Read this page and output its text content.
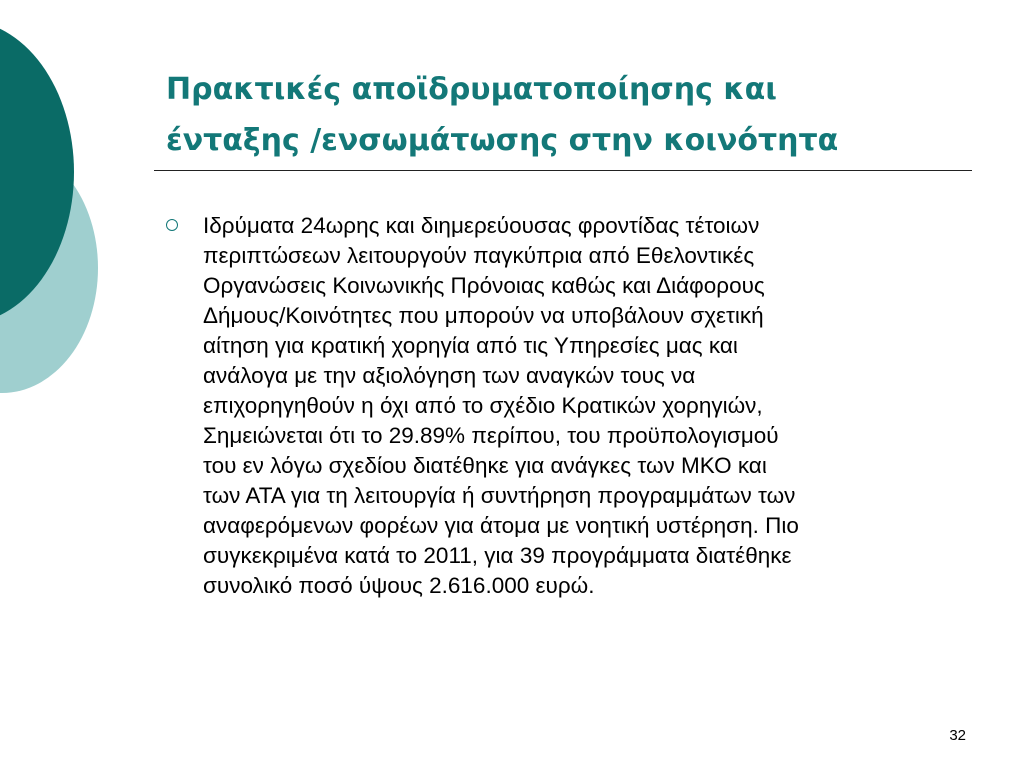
Πρακτικές αποϊδρυματοποίησης και
ένταξης /ενσωμάτωσης στην κοινότητα

Ιδρύματα 24ωρης και διημερεύουσας φροντίδας τέτοιων
περιπτώσεων λειτουργούν παγκύπρια από Εθελοντικές
Οργανώσεις Κοινωνικής Πρόνοιας καθώς και Διάφορους
Δήμους/Κοινότητες που μπορούν να υποβάλουν σχετική
αίτηση για κρατική χορηγία από τις Υπηρεσίες μας και
ανάλογα με την αξιολόγηση των αναγκών τους να
επιχορηγηθούν η όχι από το σχέδιο Κρατικών χορηγιών,
Σημειώνεται ότι το 29.89% περίπου, του προϋπολογισμού
του εν λόγω σχεδίου διατέθηκε για ανάγκες των ΜΚΟ και
των ΑΤΑ για τη λειτουργία ή συντήρηση προγραμμάτων των
αναφερόμενων φορέων για άτομα με νοητική υστέρηση. Πιο
συγκεκριμένα κατά το 2011, για 39 προγράμματα διατέθηκε
συνολικό ποσό ύψους 2.616.000 ευρώ.

32
